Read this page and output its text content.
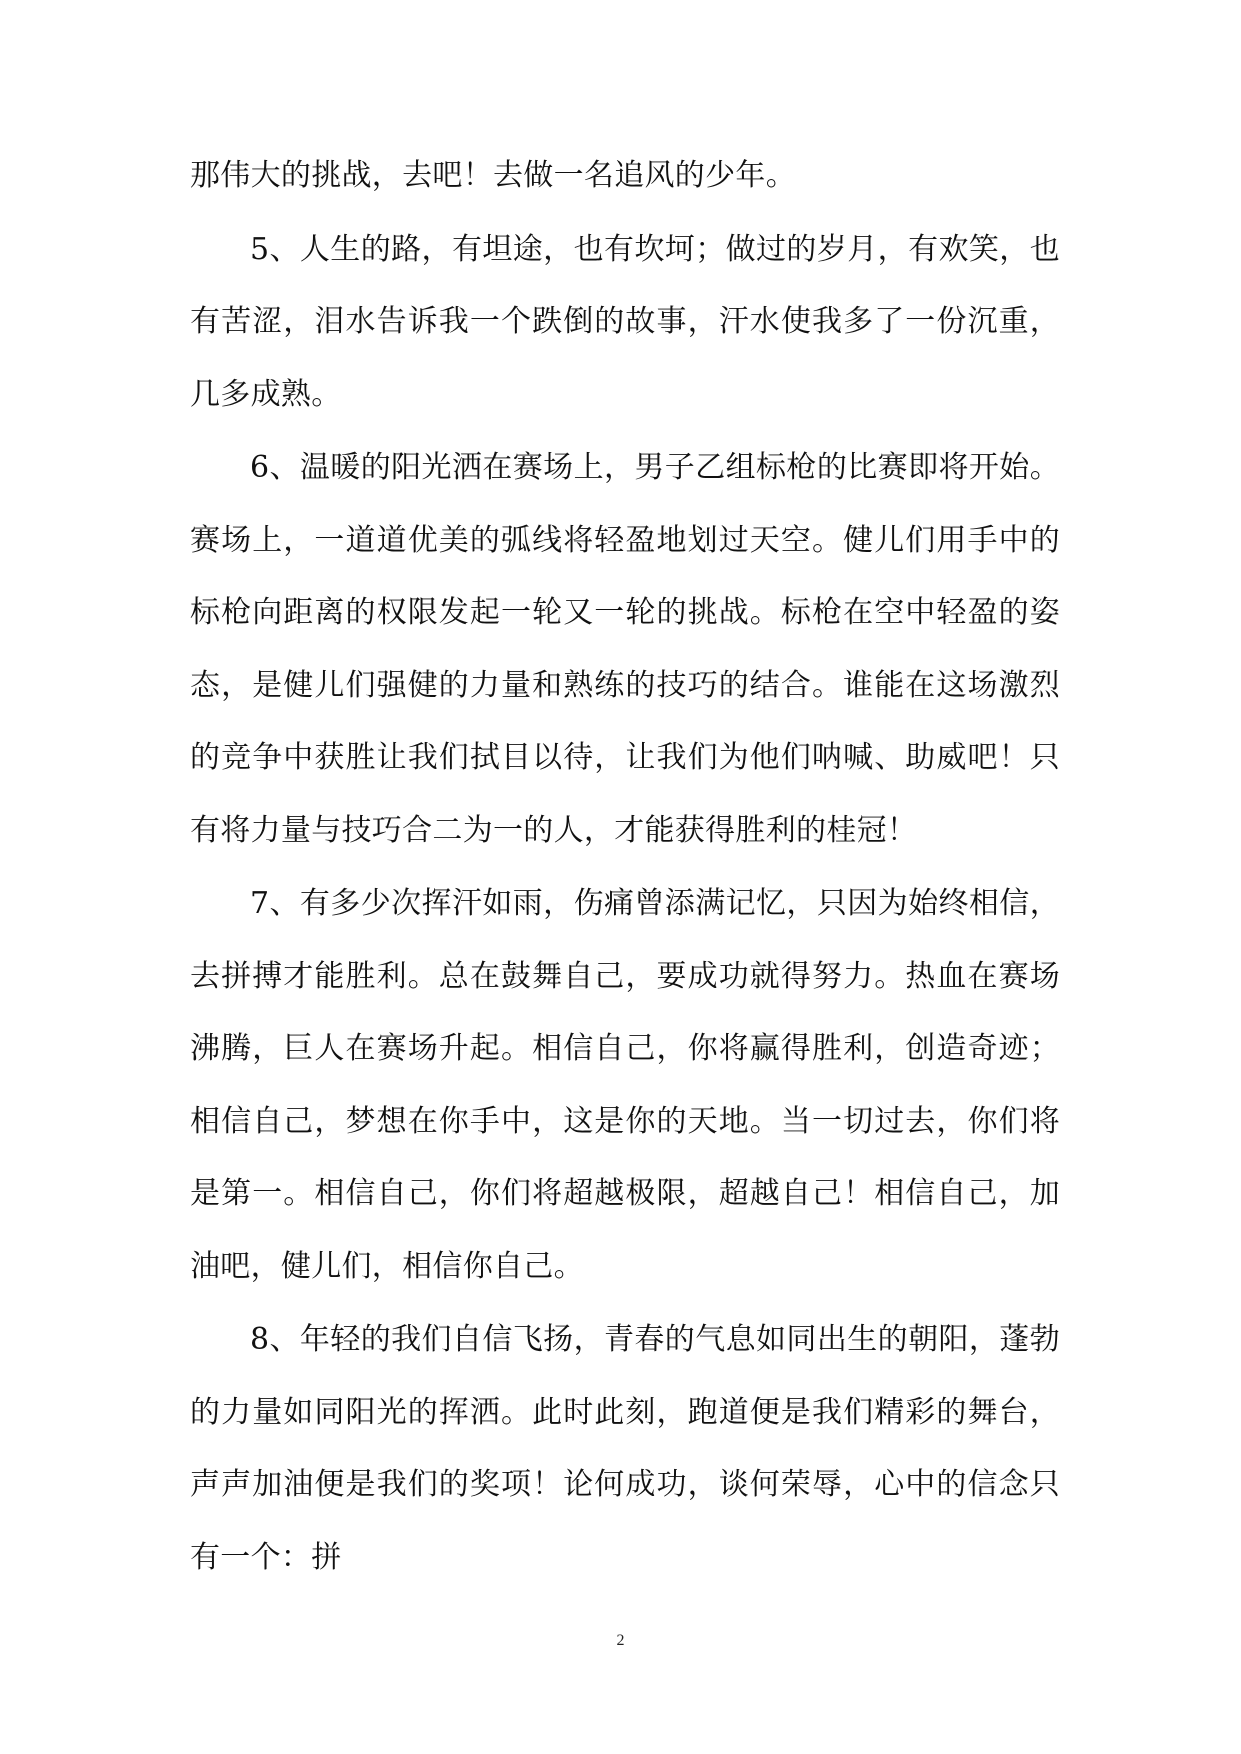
那伟大的挑战，去吧！去做一名追风的少年。

5、人生的路，有坦途，也有坎坷；做过的岁月，有欢笑，也有苦涩，泪水告诉我一个跌倒的故事，汗水使我多了一份沉重，几多成熟。

6、温暖的阳光洒在赛场上，男子乙组标枪的比赛即将开始。赛场上，一道道优美的弧线将轻盈地划过天空。健儿们用手中的标枪向距离的权限发起一轮又一轮的挑战。标枪在空中轻盈的姿态，是健儿们强健的力量和熟练的技巧的结合。谁能在这场激烈的竞争中获胜让我们拭目以待，让我们为他们呐喊、助威吧！只有将力量与技巧合二为一的人，才能获得胜利的桂冠！

7、有多少次挥汗如雨，伤痛曾添满记忆，只因为始终相信，去拼搏才能胜利。总在鼓舞自己，要成功就得努力。热血在赛场沸腾，巨人在赛场升起。相信自己，你将赢得胜利，创造奇迹；相信自己，梦想在你手中，这是你的天地。当一切过去，你们将是第一。相信自己，你们将超越极限，超越自己！相信自己，加油吧，健儿们，相信你自己。

8、年轻的我们自信飞扬，青春的气息如同出生的朝阳，蓬勃的力量如同阳光的挥洒。此时此刻，跑道便是我们精彩的舞台，声声加油便是我们的奖项！论何成功，谈何荣辱，心中的信念只有一个：拼

2
